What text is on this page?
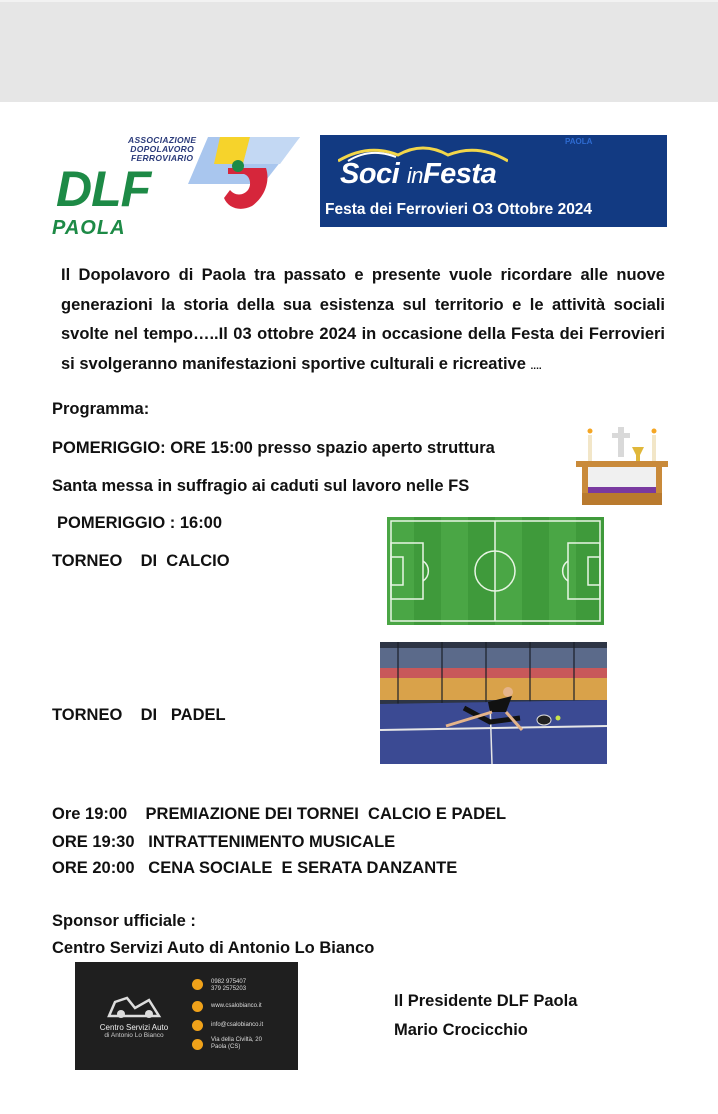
ASSOCIAZIONE
DOPOLAVORO
FERROVIARIO
DLF
PAOLA
PAOLA
Soci inFesta
Festa dei Ferrovieri O3 Ottobre 2024
Il Dopolavoro di Paola tra passato e presente vuole ricordare alle nuove generazioni la storia della sua esistenza sul territorio e le attività sociali svolte nel tempo…..Il 03 ottobre 2024 in occasione della Festa dei Ferrovieri si svolgeranno manifestazioni sportive culturali e ricreative ....
Programma:
POMERIGGIO: ORE 15:00 presso spazio aperto struttura
Santa messa in suffragio ai caduti sul lavoro nelle FS
POMERIGGIO : 16:00
TORNEO    DI  CALCIO
TORNEO    DI   PADEL
Ore 19:00    PREMIAZIONE DEI TORNEI  CALCIO E PADEL
ORE 19:30   INTRATTENIMENTO MUSICALE
ORE 20:00   CENA SOCIALE  E SERATA DANZANTE
Sponsor ufficiale :
Centro Servizi Auto di Antonio Lo Bianco
Centro Servizi Auto
di Antonio Lo Bianco
0982 975407
379 2575203
www.csalobianco.it
info@csalobianco.it
Via della Civiltà, 20
Paola (CS)
Il Presidente DLF Paola
Mario Crocicchio
